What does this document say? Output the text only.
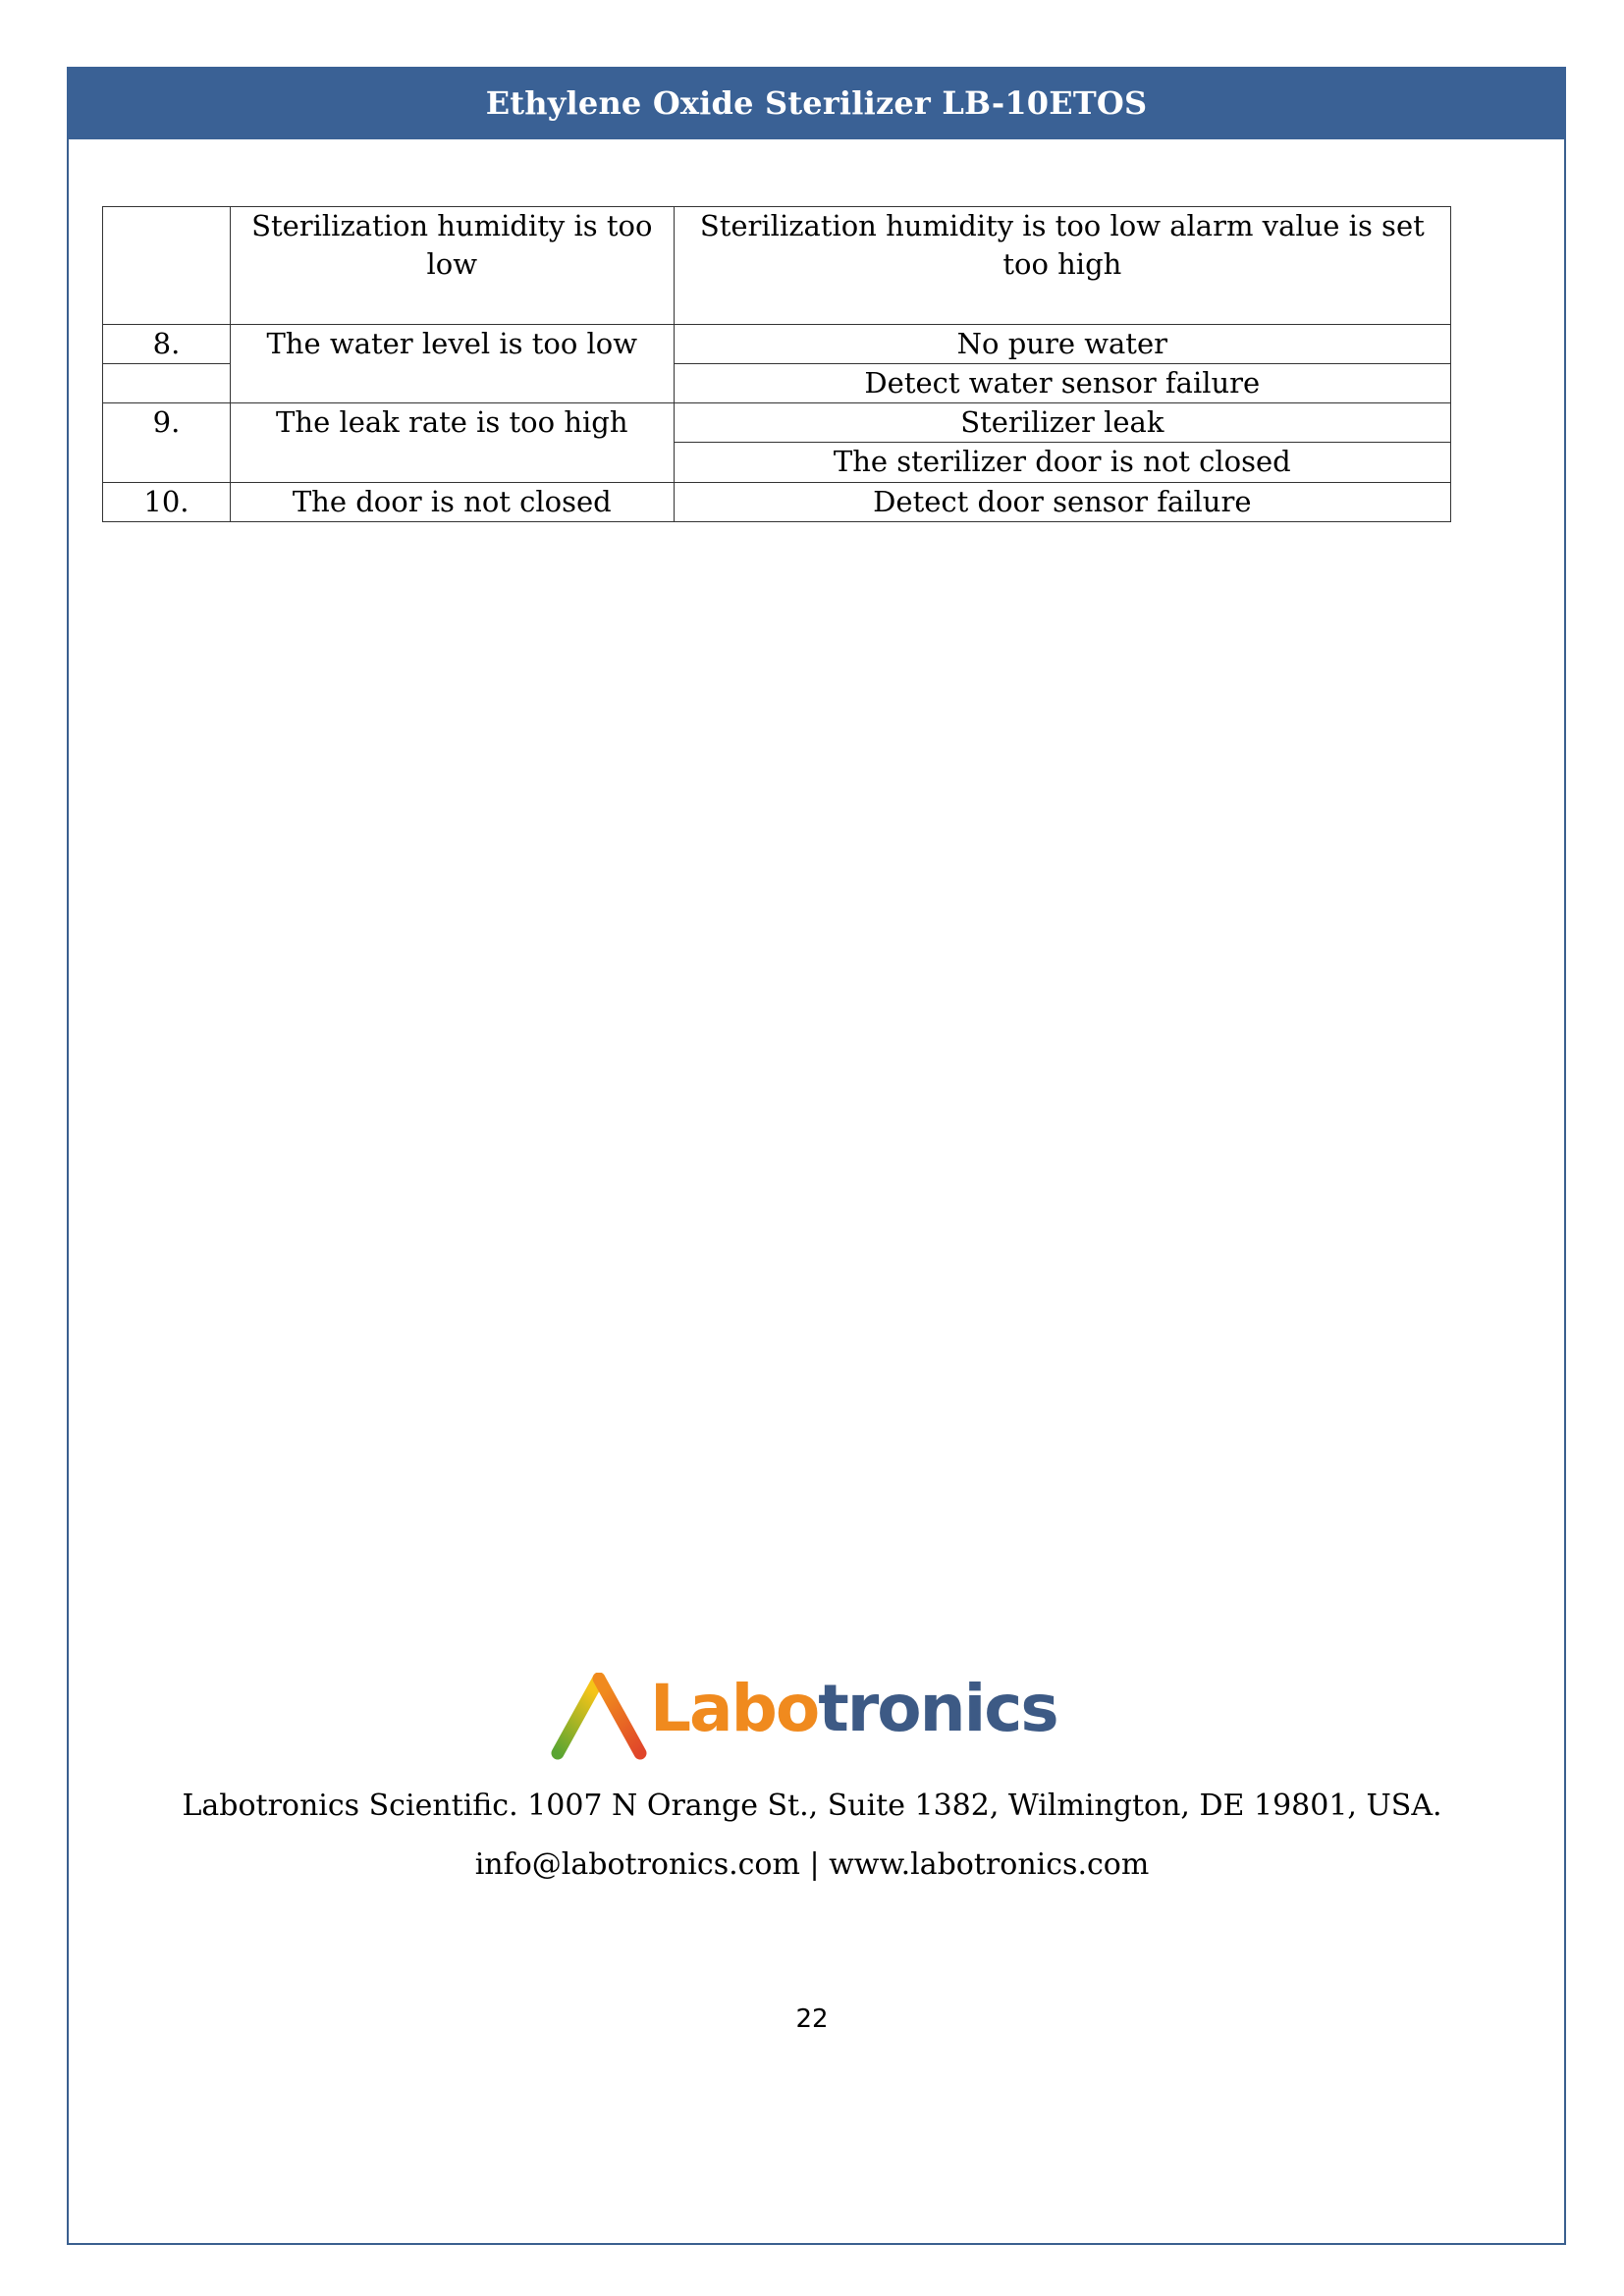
Ethylene Oxide Sterilizer LB-10ETOS
	Sterilization humidity is too low	Sterilization humidity is too low alarm value is set too high
8.	The water level is too low	No pure water
		Detect water sensor failure
9.	The leak rate is too high	Sterilizer leak
		The sterilizer door is not closed
10.	The door is not closed	Detect door sensor failure
Labotronics
Labotronics Scientific. 1007 N Orange St., Suite 1382, Wilmington, DE 19801, USA.
info@labotronics.com | www.labotronics.com
22
